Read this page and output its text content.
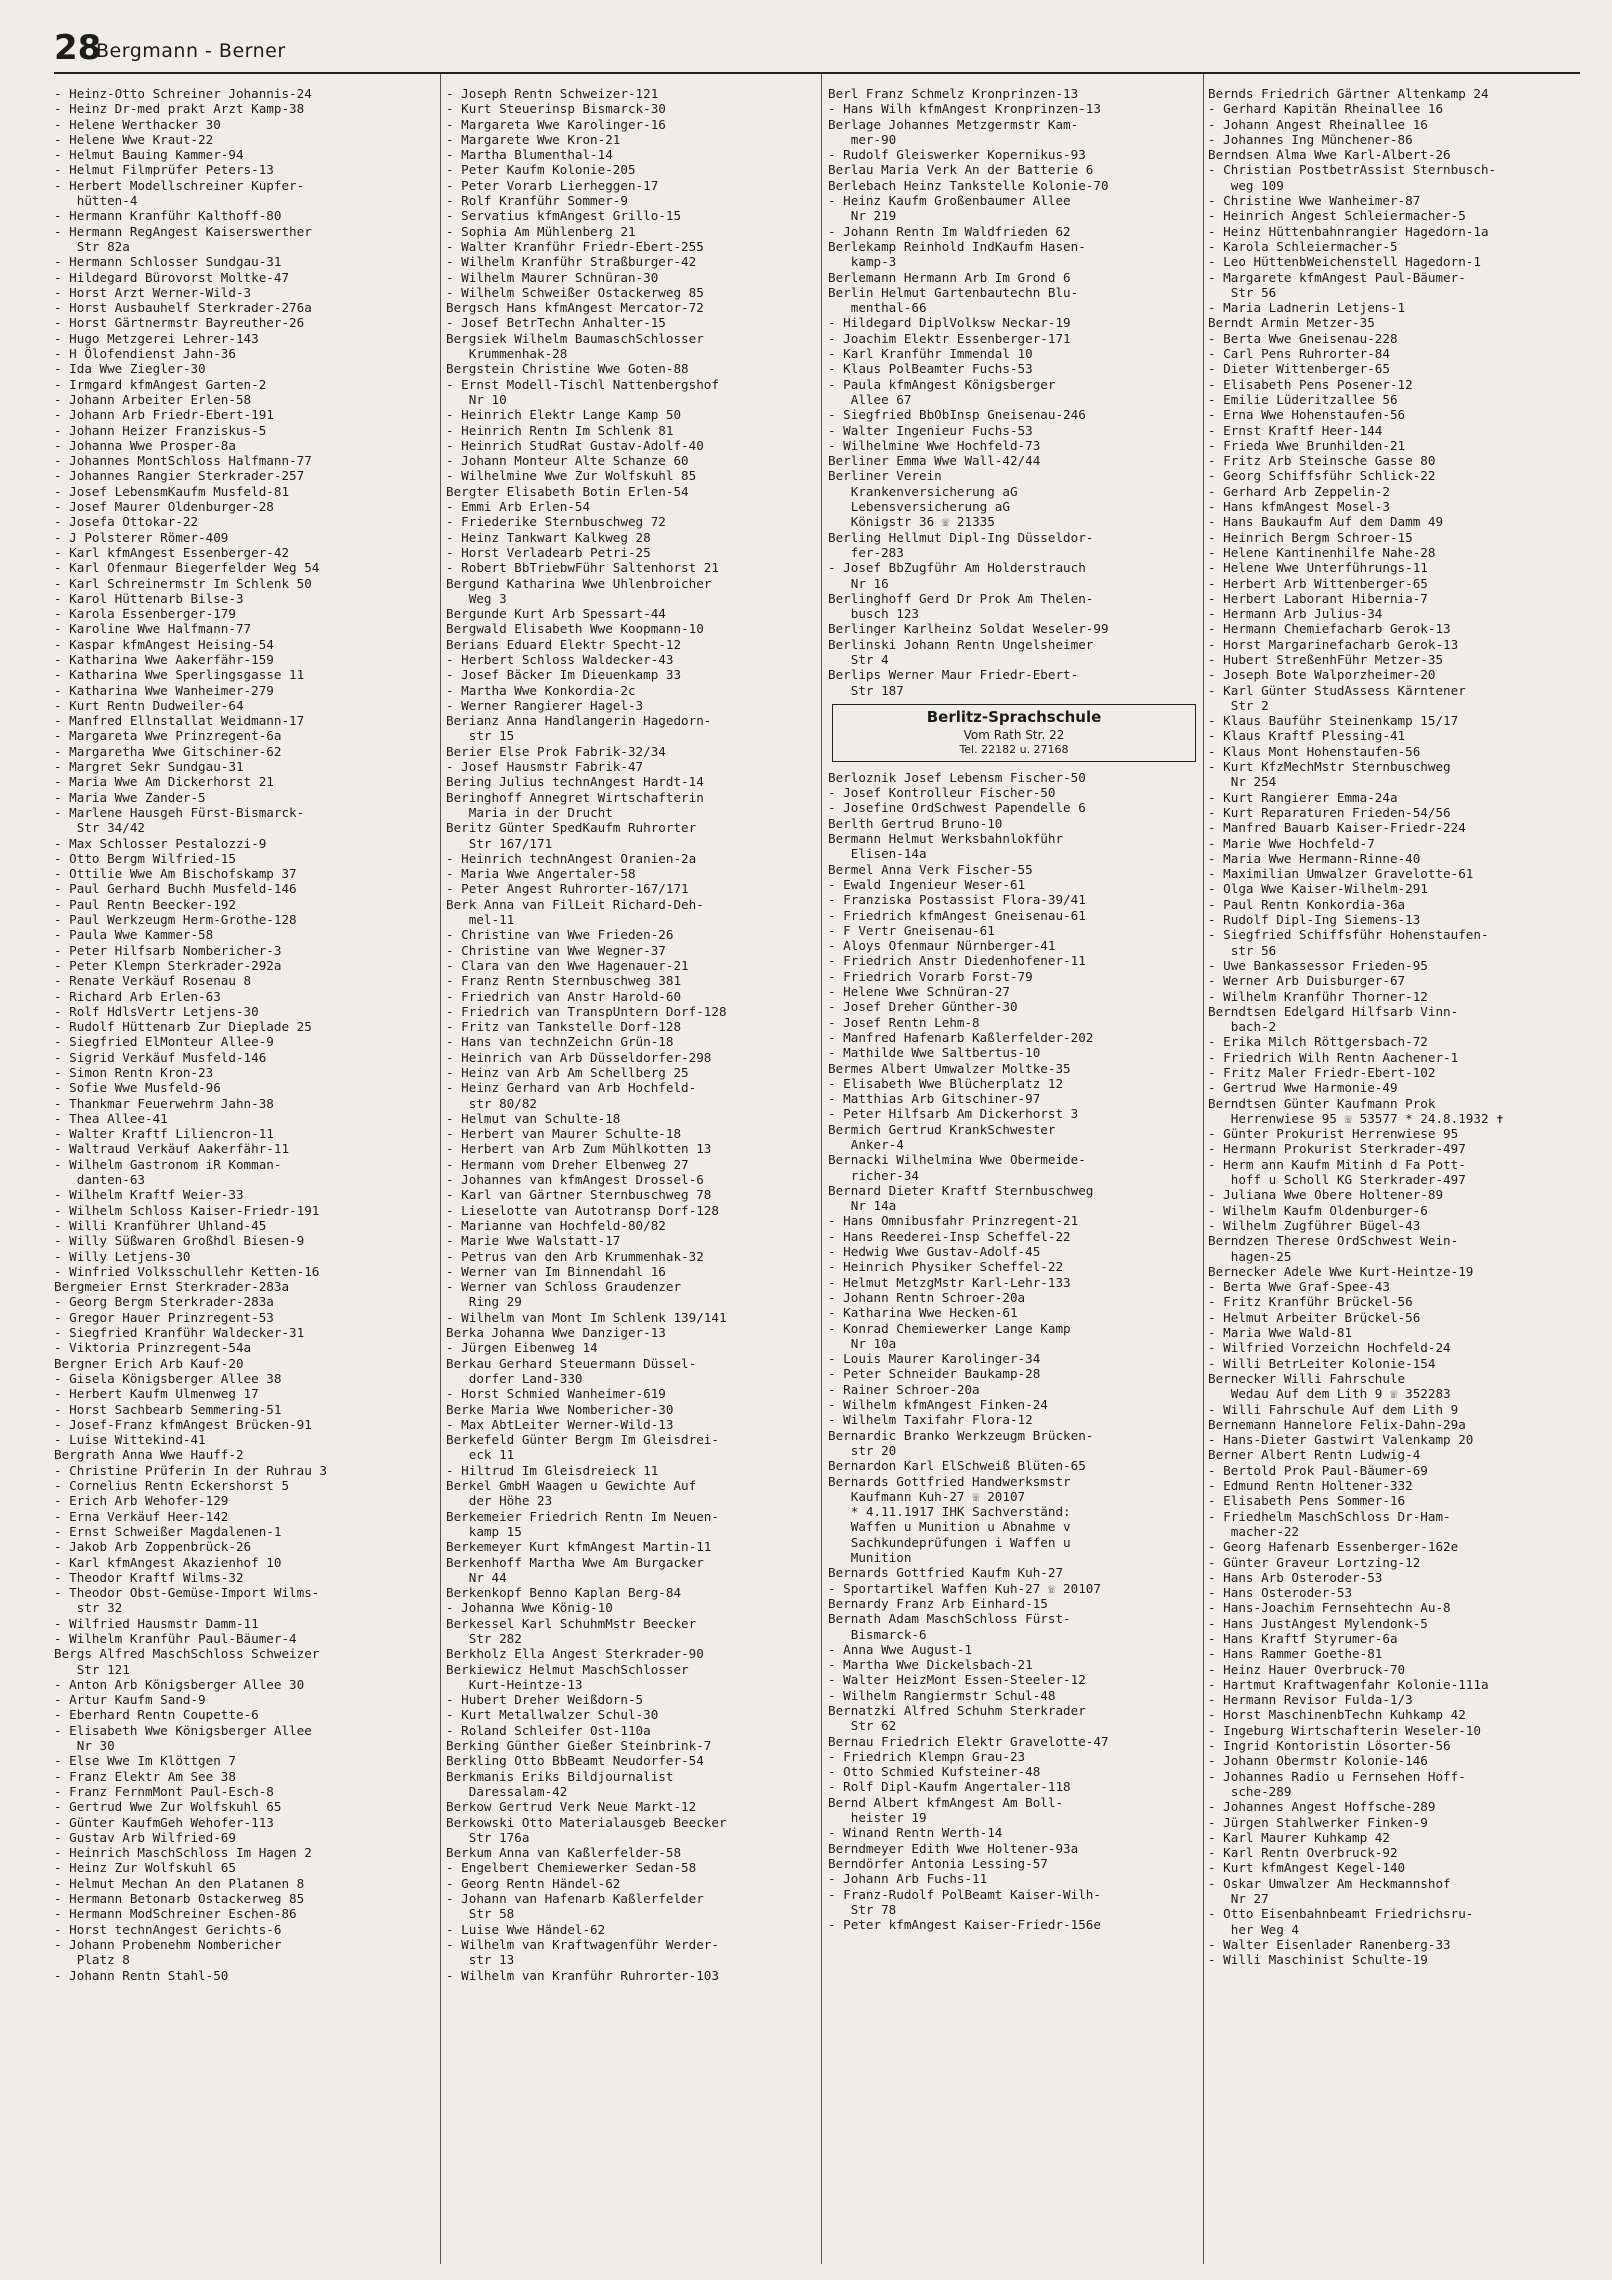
28
Bergmann - Berner
- Heinz-Otto Schreiner Johannis-24
- Heinz Dr-med prakt Arzt Kamp-38
- Helene Werthacker 30
- Helene Wwe Kraut-22
- Helmut Bauing Kammer-94
- Helmut Filmprüfer Peters-13
- Herbert Modellschreiner Kupfer-
hütten-4
- Hermann Kranführ Kalthoff-80
- Hermann RegAngest Kaiserswerther
Str 82a
- Hermann Schlosser Sundgau-31
- Hildegard Bürovorst Moltke-47
- Horst Arzt Werner-Wild-3
- Horst Ausbauhelf Sterkrader-276a
- Horst Gärtnermstr Bayreuther-26
- Hugo Metzgerei Lehrer-143
- H Ölofendienst Jahn-36
- Ida Wwe Ziegler-30
- Irmgard kfmAngest Garten-2
- Johann Arbeiter Erlen-58
- Johann Arb Friedr-Ebert-191
- Johann Heizer Franziskus-5
- Johanna Wwe Prosper-8a
- Johannes MontSchloss Halfmann-77
- Johannes Rangier Sterkrader-257
- Josef LebensmKaufm Musfeld-81
- Josef Maurer Oldenburger-28
- Josefa Ottokar-22
- J Polsterer Römer-409
- Karl kfmAngest Essenberger-42
- Karl Ofenmaur Biegerfelder Weg 54
- Karl Schreinermstr Im Schlenk 50
- Karol Hüttenarb Bilse-3
- Karola Essenberger-179
- Karoline Wwe Halfmann-77
- Kaspar kfmAngest Heising-54
- Katharina Wwe Aakerfähr-159
- Katharina Wwe Sperlingsgasse 11
- Katharina Wwe Wanheimer-279
- Kurt Rentn Dudweiler-64
- Manfred Ellnstallat Weidmann-17
- Margareta Wwe Prinzregent-6a
- Margaretha Wwe Gitschiner-62
- Margret Sekr Sundgau-31
- Maria Wwe Am Dickerhorst 21
- Maria Wwe Zander-5
- Marlene Hausgeh Fürst-Bismarck-
Str 34/42
- Max Schlosser Pestalozzi-9
- Otto Bergm Wilfried-15
- Ottilie Wwe Am Bischofskamp 37
- Paul Gerhard Buchh Musfeld-146
- Paul Rentn Beecker-192
- Paul Werkzeugm Herm-Grothe-128
- Paula Wwe Kammer-58
- Peter Hilfsarb Nombericher-3
- Peter Klempn Sterkrader-292a
- Renate Verkäuf Rosenau 8
- Richard Arb Erlen-63
- Rolf HdlsVertr Letjens-30
- Rudolf Hüttenarb Zur Dieplade 25
- Siegfried ElMonteur Allee-9
- Sigrid Verkäuf Musfeld-146
- Simon Rentn Kron-23
- Sofie Wwe Musfeld-96
- Thankmar Feuerwehrm Jahn-38
- Thea Allee-41
- Walter Kraftf Liliencron-11
- Waltraud Verkäuf Aakerfähr-11
- Wilhelm Gastronom iR Komman-
danten-63
- Wilhelm Kraftf Weier-33
- Wilhelm Schloss Kaiser-Friedr-191
- Willi Kranführer Uhland-45
- Willy Süßwaren Großhdl Biesen-9
- Willy Letjens-30
- Winfried Volksschullehr Ketten-16
Bergmeier Ernst Sterkrader-283a
- Georg Bergm Sterkrader-283a
- Gregor Hauer Prinzregent-53
- Siegfried Kranführ Waldecker-31
- Viktoria Prinzregent-54a
Bergner Erich Arb Kauf-20
- Gisela Königsberger Allee 38
- Herbert Kaufm Ulmenweg 17
- Horst Sachbearb Semmering-51
- Josef-Franz kfmAngest Brücken-91
- Luise Wittekind-41
Bergrath Anna Wwe Hauff-2
- Christine Prüferin In der Ruhrau 3
- Cornelius Rentn Eckershorst 5
- Erich Arb Wehofer-129
- Erna Verkäuf Heer-142
- Ernst Schweißer Magdalenen-1
- Jakob Arb Zoppenbrück-26
- Karl kfmAngest Akazienhof 10
- Theodor Kraftf Wilms-32
- Theodor Obst-Gemüse-Import Wilms-
str 32
- Wilfried Hausmstr Damm-11
- Wilhelm Kranführ Paul-Bäumer-4
Bergs Alfred MaschSchloss Schweizer
Str 121
- Anton Arb Königsberger Allee 30
- Artur Kaufm Sand-9
- Eberhard Rentn Coupette-6
- Elisabeth Wwe Königsberger Allee
Nr 30
- Else Wwe Im Klöttgen 7
- Franz Elektr Am See 38
- Franz FernmMont Paul-Esch-8
- Gertrud Wwe Zur Wolfskuhl 65
- Günter KaufmGeh Wehofer-113
- Gustav Arb Wilfried-69
- Heinrich MaschSchloss Im Hagen 2
- Heinz Zur Wolfskuhl 65
- Helmut Mechan An den Platanen 8
- Hermann Betonarb Ostackerweg 85
- Hermann ModSchreiner Eschen-86
- Horst technAngest Gerichts-6
- Johann Probenehm Nombericher
Platz 8
- Johann Rentn Stahl-50
- Joseph Rentn Schweizer-121
- Kurt Steuerinsp Bismarck-30
- Margareta Wwe Karolinger-16
- Margarete Wwe Kron-21
- Martha Blumenthal-14
- Peter Kaufm Kolonie-205
- Peter Vorarb Lierheggen-17
- Rolf Kranführ Sommer-9
- Servatius kfmAngest Grillo-15
- Sophia Am Mühlenberg 21
- Walter Kranführ Friedr-Ebert-255
- Wilhelm Kranführ Straßburger-42
- Wilhelm Maurer Schnüran-30
- Wilhelm Schweißer Ostackerweg 85
Bergsch Hans kfmAngest Mercator-72
- Josef BetrTechn Anhalter-15
Bergsiek Wilhelm BaumaschSchlosser
Krummenhak-28
Bergstein Christine Wwe Goten-88
- Ernst Modell-Tischl Nattenbergshof
Nr 10
- Heinrich Elektr Lange Kamp 50
- Heinrich Rentn Im Schlenk 81
- Heinrich StudRat Gustav-Adolf-40
- Johann Monteur Alte Schanze 60
- Wilhelmine Wwe Zur Wolfskuhl 85
Bergter Elisabeth Botin Erlen-54
- Emmi Arb Erlen-54
- Friederike Sternbuschweg 72
- Heinz Tankwart Kalkweg 28
- Horst Verladearb Petri-25
- Robert BbTriebwFühr Saltenhorst 21
Bergund Katharina Wwe Uhlenbroicher
Weg 3
Bergunde Kurt Arb Spessart-44
Bergwald Elisabeth Wwe Koopmann-10
Berians Eduard Elektr Specht-12
- Herbert Schloss Waldecker-43
- Josef Bäcker Im Dieuenkamp 33
- Martha Wwe Konkordia-2c
- Werner Rangierer Hagel-3
Berianz Anna Handlangerin Hagedorn-
str 15
Berier Else Prok Fabrik-32/34
- Josef Hausmstr Fabrik-47
Bering Julius technAngest Hardt-14
Beringhoff Annegret Wirtschafterin
Maria in der Drucht
Beritz Günter SpedKaufm Ruhrorter
Str 167/171
- Heinrich technAngest Oranien-2a
- Maria Wwe Angertaler-58
- Peter Angest Ruhrorter-167/171
Berk Anna van FilLeit Richard-Deh-
mel-11
- Christine van Wwe Frieden-26
- Christine van Wwe Wegner-37
- Clara van den Wwe Hagenauer-21
- Franz Rentn Sternbuschweg 381
- Friedrich van Anstr Harold-60
- Friedrich van TranspUntern Dorf-128
- Fritz van Tankstelle Dorf-128
- Hans van technZeichn Grün-18
- Heinrich van Arb Düsseldorfer-298
- Heinz van Arb Am Schellberg 25
- Heinz Gerhard van Arb Hochfeld-
str 80/82
- Helmut van Schulte-18
- Herbert van Maurer Schulte-18
- Herbert van Arb Zum Mühlkotten 13
- Hermann vom Dreher Elbenweg 27
- Johannes van kfmAngest Drossel-6
- Karl van Gärtner Sternbuschweg 78
- Lieselotte van Autotransp Dorf-128
- Marianne van Hochfeld-80/82
- Marie Wwe Walstatt-17
- Petrus van den Arb Krummenhak-32
- Werner van Im Binnendahl 16
- Werner van Schloss Graudenzer
Ring 29
- Wilhelm van Mont Im Schlenk 139/141
Berka Johanna Wwe Danziger-13
- Jürgen Eibenweg 14
Berkau Gerhard Steuermann Düssel-
dorfer Land-330
- Horst Schmied Wanheimer-619
Berke Maria Wwe Nombericher-30
- Max AbtLeiter Werner-Wild-13
Berkefeld Günter Bergm Im Gleisdrei-
eck 11
- Hiltrud Im Gleisdreieck 11
Berkel GmbH Waagen u Gewichte Auf
der Höhe 23
Berkemeier Friedrich Rentn Im Neuen-
kamp 15
Berkemeyer Kurt kfmAngest Martin-11
Berkenhoff Martha Wwe Am Burgacker
Nr 44
Berkenkopf Benno Kaplan Berg-84
- Johanna Wwe König-10
Berkessel Karl SchuhmMstr Beecker
Str 282
Berkholz Ella Angest Sterkrader-90
Berkiewicz Helmut MaschSchlosser
Kurt-Heintze-13
- Hubert Dreher Weißdorn-5
- Kurt Metallwalzer Schul-30
- Roland Schleifer Ost-110a
Berking Günther Gießer Steinbrink-7
Berkling Otto BbBeamt Neudorfer-54
Berkmanis Eriks Bildjournalist
Daressalam-42
Berkow Gertrud Verk Neue Markt-12
Berkowski Otto Materialausgeb Beecker
Str 176a
Berkum Anna van Kaßlerfelder-58
- Engelbert Chemiewerker Sedan-58
- Georg Rentn Händel-62
- Johann van Hafenarb Kaßlerfelder
Str 58
- Luise Wwe Händel-62
- Wilhelm van Kraftwagenführ Werder-
str 13
- Wilhelm van Kranführ Ruhrorter-103
Berl Franz Schmelz Kronprinzen-13
- Hans Wilh kfmAngest Kronprinzen-13
Berlage Johannes Metzgermstr Kam-
mer-90
- Rudolf Gleiswerker Kopernikus-93
Berlau Maria Verk An der Batterie 6
Berlebach Heinz Tankstelle Kolonie-70
- Heinz Kaufm Großenbaumer Allee
Nr 219
- Johann Rentn Im Waldfrieden 62
Berlekamp Reinhold IndKaufm Hasen-
kamp-3
Berlemann Hermann Arb Im Grond 6
Berlin Helmut Gartenbautechn Blu-
menthal-66
- Hildegard DiplVolksw Neckar-19
- Joachim Elektr Essenberger-171
- Karl Kranführ Immendal 10
- Klaus PolBeamter Fuchs-53
- Paula kfmAngest Königsberger
Allee 67
- Siegfried BbObInsp Gneisenau-246
- Walter Ingenieur Fuchs-53
- Wilhelmine Wwe Hochfeld-73
Berliner Emma Wwe Wall-42/44
Berliner Verein
Krankenversicherung aG
Lebensversicherung aG
Königstr 36 ☏ 21335
Berling Hellmut Dipl-Ing Düsseldor-
fer-283
- Josef BbZugführ Am Holderstrauch
Nr 16
Berlinghoff Gerd Dr Prok Am Thelen-
busch 123
Berlinger Karlheinz Soldat Weseler-99
Berlinski Johann Rentn Ungelsheimer
Str 4
Berlips Werner Maur Friedr-Ebert-
Str 187
Berlitz-Sprachschule
Vom Rath Str. 22
Tel. 22182 u. 27168
Berloznik Josef Lebensm Fischer-50
- Josef Kontrolleur Fischer-50
- Josefine OrdSchwest Papendelle 6
Berlth Gertrud Bruno-10
Bermann Helmut Werksbahnlokführ
Elisen-14a
Bermel Anna Verk Fischer-55
- Ewald Ingenieur Weser-61
- Franziska Postassist Flora-39/41
- Friedrich kfmAngest Gneisenau-61
- F Vertr Gneisenau-61
- Aloys Ofenmaur Nürnberger-41
- Friedrich Anstr Diedenhofener-11
- Friedrich Vorarb Forst-79
- Helene Wwe Schnüran-27
- Josef Dreher Günther-30
- Josef Rentn Lehm-8
- Manfred Hafenarb Kaßlerfelder-202
- Mathilde Wwe Saltbertus-10
Bermes Albert Umwalzer Moltke-35
- Elisabeth Wwe Blücherplatz 12
- Matthias Arb Gitschiner-97
- Peter Hilfsarb Am Dickerhorst 3
Bermich Gertrud KrankSchwester
Anker-4
Bernacki Wilhelmina Wwe Obermeide-
richer-34
Bernard Dieter Kraftf Sternbuschweg
Nr 14a
- Hans Omnibusfahr Prinzregent-21
- Hans Reederei-Insp Scheffel-22
- Hedwig Wwe Gustav-Adolf-45
- Heinrich Physiker Scheffel-22
- Helmut MetzgMstr Karl-Lehr-133
- Johann Rentn Schroer-20a
- Katharina Wwe Hecken-61
- Konrad Chemiewerker Lange Kamp
Nr 10a
- Louis Maurer Karolinger-34
- Peter Schneider Baukamp-28
- Rainer Schroer-20a
- Wilhelm kfmAngest Finken-24
- Wilhelm Taxifahr Flora-12
Bernardic Branko Werkzeugm Brücken-
str 20
Bernardon Karl ElSchweiß Blüten-65
Bernards Gottfried Handwerksmstr
Kaufmann Kuh-27 ☏ 20107
* 4.11.1917 IHK Sachverständ:
Waffen u Munition u Abnahme v
Sachkundeprüfungen i Waffen u
Munition
Bernards Gottfried Kaufm Kuh-27
- Sportartikel Waffen Kuh-27 ☏ 20107
Bernardy Franz Arb Einhard-15
Bernath Adam MaschSchloss Fürst-
Bismarck-6
- Anna Wwe August-1
- Martha Wwe Dickelsbach-21
- Walter HeizMont Essen-Steeler-12
- Wilhelm Rangiermstr Schul-48
Bernatzki Alfred Schuhm Sterkrader
Str 62
Bernau Friedrich Elektr Gravelotte-47
- Friedrich Klempn Grau-23
- Otto Schmied Kufsteiner-48
- Rolf Dipl-Kaufm Angertaler-118
Bernd Albert kfmAngest Am Boll-
heister 19
- Winand Rentn Werth-14
Berndmeyer Edith Wwe Holtener-93a
Berndörfer Antonia Lessing-57
- Johann Arb Fuchs-11
- Franz-Rudolf PolBeamt Kaiser-Wilh-
Str 78
- Peter kfmAngest Kaiser-Friedr-156e
Bernds Friedrich Gärtner Altenkamp 24
- Gerhard Kapitän Rheinallee 16
- Johann Angest Rheinallee 16
- Johannes Ing Münchener-86
Berndsen Alma Wwe Karl-Albert-26
- Christian PostbetrAssist Sternbusch-
weg 109
- Christine Wwe Wanheimer-87
- Heinrich Angest Schleiermacher-5
- Heinz Hüttenbahnrangier Hagedorn-1a
- Karola Schleiermacher-5
- Leo HüttenbWeichenstell Hagedorn-1
- Margarete kfmAngest Paul-Bäumer-
Str 56
- Maria Ladnerin Letjens-1
Berndt Armin Metzer-35
- Berta Wwe Gneisenau-228
- Carl Pens Ruhrorter-84
- Dieter Wittenberger-65
- Elisabeth Pens Posener-12
- Emilie Lüderitzallee 56
- Erna Wwe Hohenstaufen-56
- Ernst Kraftf Heer-144
- Frieda Wwe Brunhilden-21
- Fritz Arb Steinsche Gasse 80
- Georg Schiffsführ Schlick-22
- Gerhard Arb Zeppelin-2
- Hans kfmAngest Mosel-3
- Hans Baukaufm Auf dem Damm 49
- Heinrich Bergm Schroer-15
- Helene Kantinenhilfe Nahe-28
- Helene Wwe Unterführungs-11
- Herbert Arb Wittenberger-65
- Herbert Laborant Hibernia-7
- Hermann Arb Julius-34
- Hermann Chemiefacharb Gerok-13
- Horst Margarinefacharb Gerok-13
- Hubert StreßenhFühr Metzer-35
- Joseph Bote Walporzheimer-20
- Karl Günter StudAssess Kärntener
Str 2
- Klaus Bauführ Steinenkamp 15/17
- Klaus Kraftf Plessing-41
- Klaus Mont Hohenstaufen-56
- Kurt KfzMechMstr Sternbuschweg
Nr 254
- Kurt Rangierer Emma-24a
- Kurt Reparaturen Frieden-54/56
- Manfred Bauarb Kaiser-Friedr-224
- Marie Wwe Hochfeld-7
- Maria Wwe Hermann-Rinne-40
- Maximilian Umwalzer Gravelotte-61
- Olga Wwe Kaiser-Wilhelm-291
- Paul Rentn Konkordia-36a
- Rudolf Dipl-Ing Siemens-13
- Siegfried Schiffsführ Hohenstaufen-
str 56
- Uwe Bankassessor Frieden-95
- Werner Arb Duisburger-67
- Wilhelm Kranführ Thorner-12
Berndtsen Edelgard Hilfsarb Vinn-
bach-2
- Erika Milch Röttgersbach-72
- Friedrich Wilh Rentn Aachener-1
- Fritz Maler Friedr-Ebert-102
- Gertrud Wwe Harmonie-49
Berndtsen Günter Kaufmann Prok
Herrenwiese 95 ☏ 53577 * 24.8.1932 ✝
- Günter Prokurist Herrenwiese 95
- Hermann Prokurist Sterkrader-497
- Herm ann Kaufm Mitinh d Fa Pott-
hoff u Scholl KG Sterkrader-497
- Juliana Wwe Obere Holtener-89
- Wilhelm Kaufm Oldenburger-6
- Wilhelm Zugführer Bügel-43
Berndzen Therese OrdSchwest Wein-
hagen-25
Bernecker Adele Wwe Kurt-Heintze-19
- Berta Wwe Graf-Spee-43
- Fritz Kranführ Brückel-56
- Helmut Arbeiter Brückel-56
- Maria Wwe Wald-81
- Wilfried Vorzeichn Hochfeld-24
- Willi BetrLeiter Kolonie-154
Bernecker Willi Fahrschule
Wedau Auf dem Lith 9 ☏ 352283
- Willi Fahrschule Auf dem Lith 9
Bernemann Hannelore Felix-Dahn-29a
- Hans-Dieter Gastwirt Valenkamp 20
Berner Albert Rentn Ludwig-4
- Bertold Prok Paul-Bäumer-69
- Edmund Rentn Holtener-332
- Elisabeth Pens Sommer-16
- Friedhelm MaschSchloss Dr-Ham-
macher-22
- Georg Hafenarb Essenberger-162e
- Günter Graveur Lortzing-12
- Hans Arb Osteroder-53
- Hans Osteroder-53
- Hans-Joachim Fernsehtechn Au-8
- Hans JustAngest Mylendonk-5
- Hans Kraftf Styrumer-6a
- Hans Rammer Goethe-81
- Heinz Hauer Overbruck-70
- Hartmut Kraftwagenfahr Kolonie-111a
- Hermann Revisor Fulda-1/3
- Horst MaschinenbTechn Kuhkamp 42
- Ingeburg Wirtschafterin Weseler-10
- Ingrid Kontoristin Lösorter-56
- Johann Obermstr Kolonie-146
- Johannes Radio u Fernsehen Hoff-
sche-289
- Johannes Angest Hoffsche-289
- Jürgen Stahlwerker Finken-9
- Karl Maurer Kuhkamp 42
- Karl Rentn Overbruck-92
- Kurt kfmAngest Kegel-140
- Oskar Umwalzer Am Heckmannshof
Nr 27
- Otto Eisenbahnbeamt Friedrichsru-
her Weg 4
- Walter Eisenlader Ranenberg-33
- Willi Maschinist Schulte-19
